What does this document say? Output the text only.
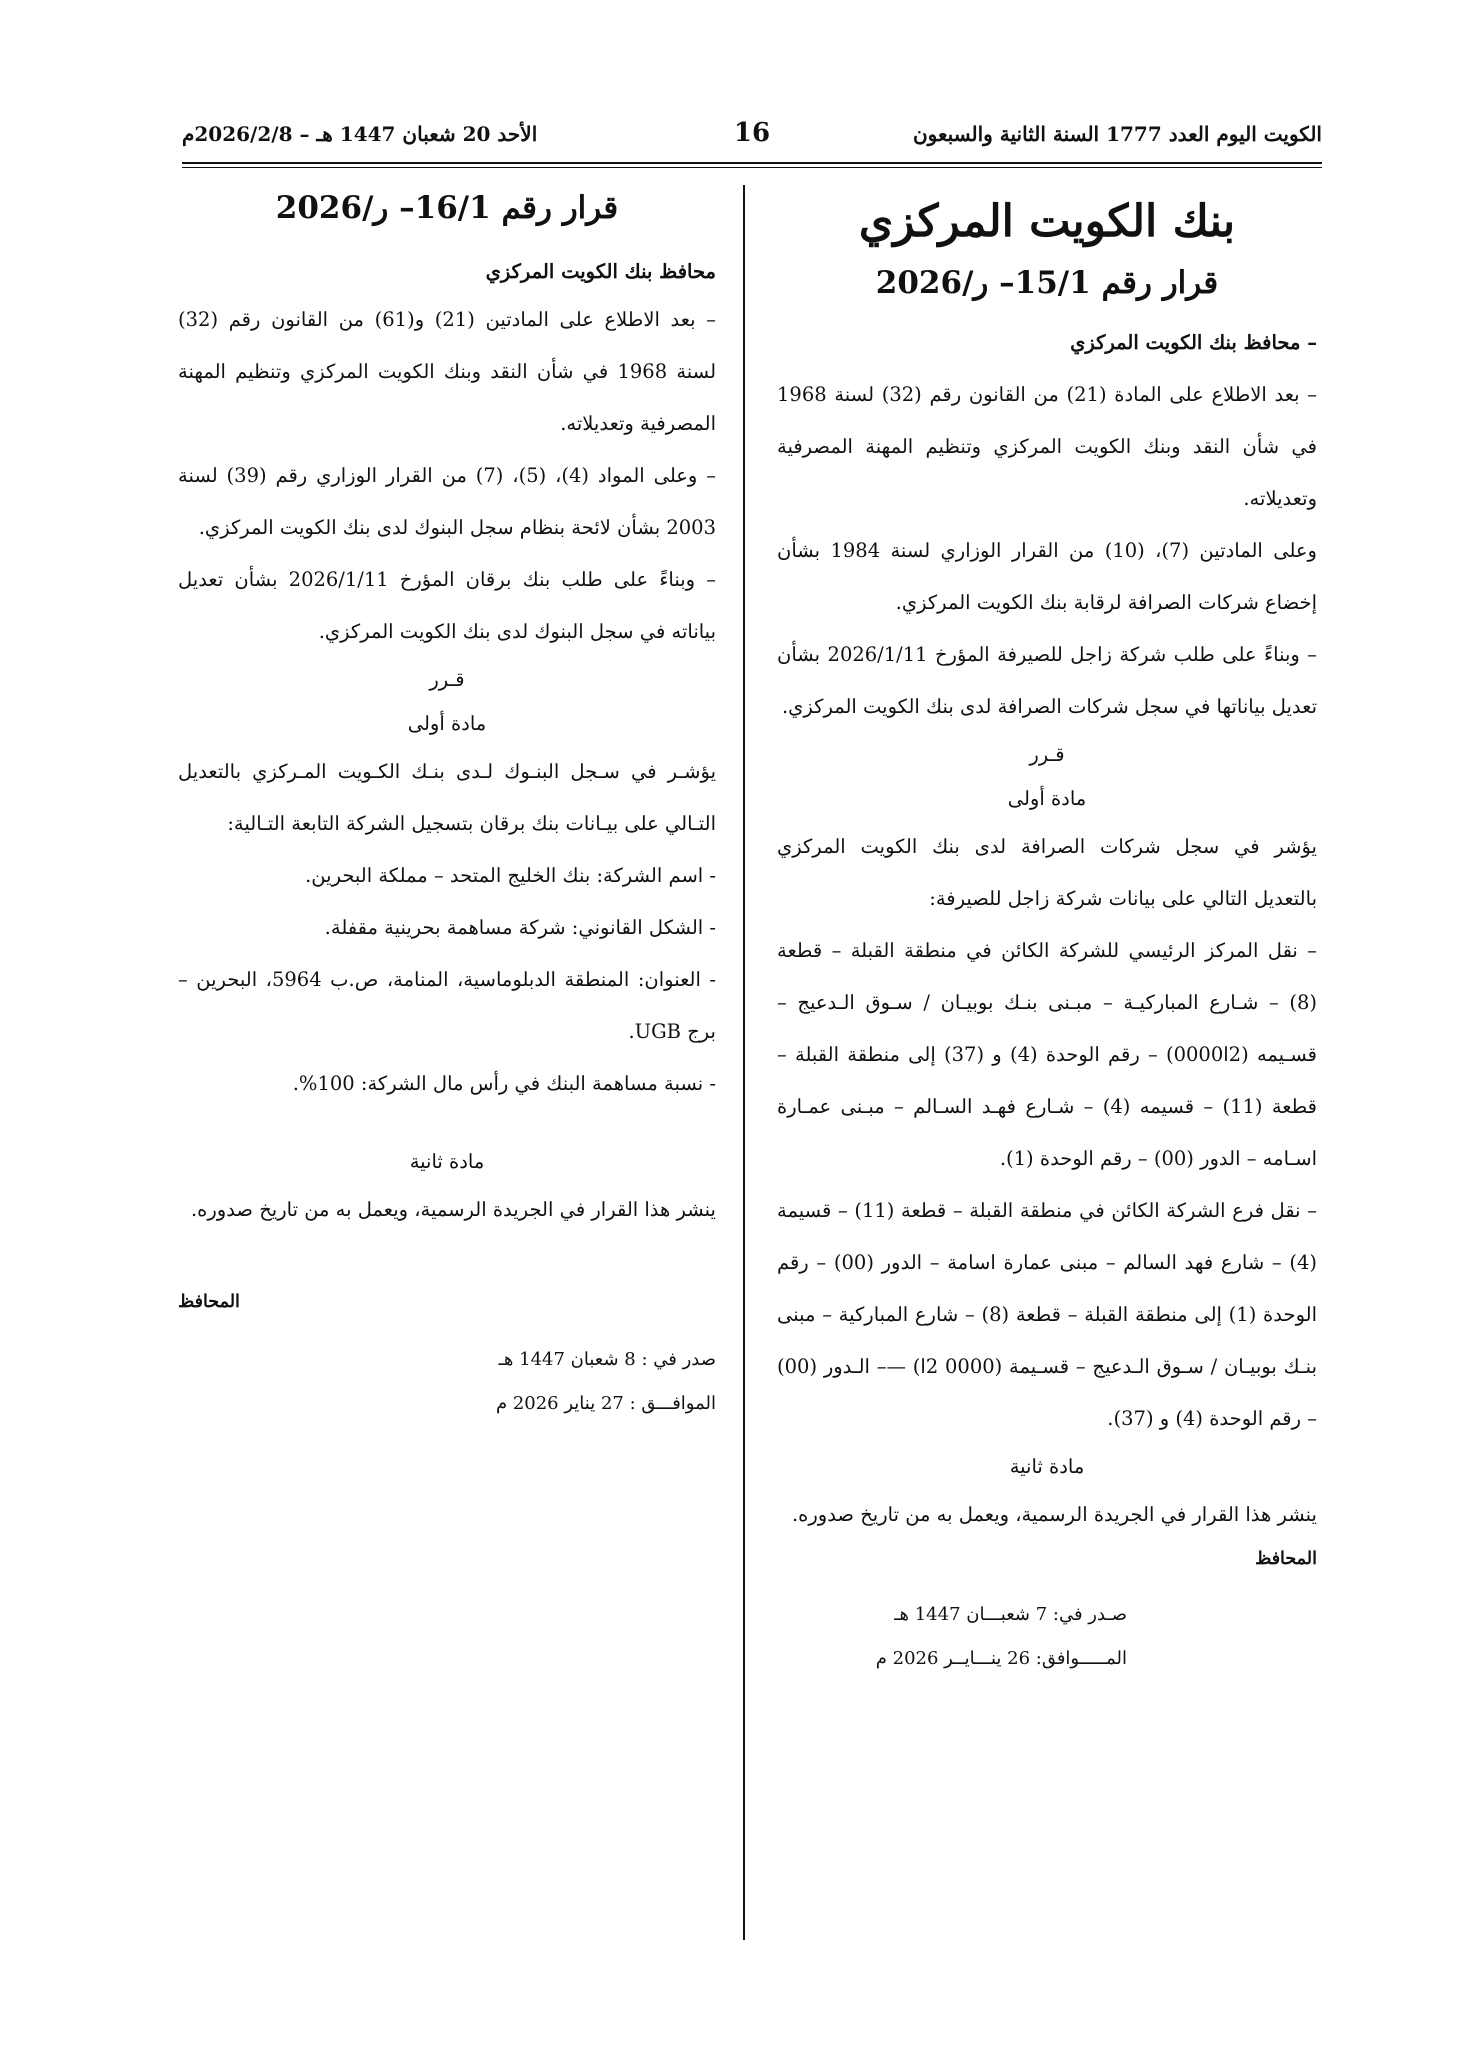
الكويت اليوم العدد 1777 السنة الثانية والسبعون
16
الأحد 20 شعبان 1447 هـ – 2026/2/8م
بنك الكويت المركزي
قرار رقم 15/1– ر/2026

– محافظ بنك الكويت المركزي

– بعد الاطلاع على المادة (21) من القانون رقم (32) لسنة 1968 في شأن النقد وبنك الكويت المركزي وتنظيم المهنة المصرفية وتعديلاته.

وعلى المادتين (7)، (10) من القرار الوزاري لسنة 1984 بشأن إخضاع شركات الصرافة لرقابة بنك الكويت المركزي.

– وبناءً على طلب شركة زاجل للصيرفة المؤرخ 2026/1/11 بشأن تعديل بياناتها في سجل شركات الصرافة لدى بنك الكويت المركزي.

قـرر

مادة أولى

يؤشر في سجل شركات الصرافة لدى بنك الكويت المركزي بالتعديل التالي على بيانات شركة زاجل للصيرفة:

– نقل المركز الرئيسي للشركة الكائن في منطقة القبلة – قطعة (8) – شـارع المباركيـة – مبـنى بنـك بوبيـان / سـوق الـدعيج – قسـيمه (2ا0000) – رقم الوحدة (4) و (37) إلى منطقة القبلة – قطعة (11) – قسيمه (4) – شـارع فهـد السـالم – مبـنى عمـارة اسـامه – الدور (00) – رقم الوحدة (1).

– نقل فرع الشركة الكائن في منطقة القبلة – قطعة (11) – قسيمة (4) – شارع فهد السالم – مبنى عمارة اسامة – الدور (00) – رقم الوحدة (1) إلى منطقة القبلة – قطعة (8) – شارع المباركية – مبنى بنـك بوبيـان / سـوق الـدعيج – قسـيمة (0000 2ا) —– الـدور (00) – رقم الوحدة (4) و (37).

مادة ثانية

ينشر هذا القرار في الجريدة الرسمية، ويعمل به من تاريخ صدوره.

المحافظ

صـدر في: 7 شعبـــان 1447 هـ

المـــــوافق: 26 ينـــايــر 2026 م

قرار رقم 16/1– ر/2026

محافظ بنك الكويت المركزي

– بعد الاطلاع على المادتين (21) و(61) من القانون رقم (32) لسنة 1968 في شأن النقد وبنك الكويت المركزي وتنظيم المهنة المصرفية وتعديلاته.

– وعلى المواد (4)، (5)، (7) من القرار الوزاري رقم (39) لسنة 2003 بشأن لائحة بنظام سجل البنوك لدى بنك الكويت المركزي.

– وبناءً على طلب بنك برقان المؤرخ 2026/1/11 بشأن تعديل بياناته في سجل البنوك لدى بنك الكويت المركزي.

قـرر

مادة أولى

يؤشـر في سـجل البنـوك لـدى بنـك الكـويت المـركزي بالتعديل التـالي على بيـانات بنك برقان بتسجيل الشركة التابعة التـالية:

- اسم الشركة: بنك الخليج المتحد – مملكة البحرين.

- الشكل القانوني: شركة مساهمة بحرينية مقفلة.

- العنوان: المنطقة الدبلوماسية، المنامة، ص.ب 5964، البحرين – برج UGB.

- نسبة مساهمة البنك في رأس مال الشركة: 100%.

مادة ثانية

ينشر هذا القرار في الجريدة الرسمية، ويعمل به من تاريخ صدوره.

المحافظ

صدر في : 8 شعبان 1447 هـ

الموافـــق : 27 يناير 2026 م
